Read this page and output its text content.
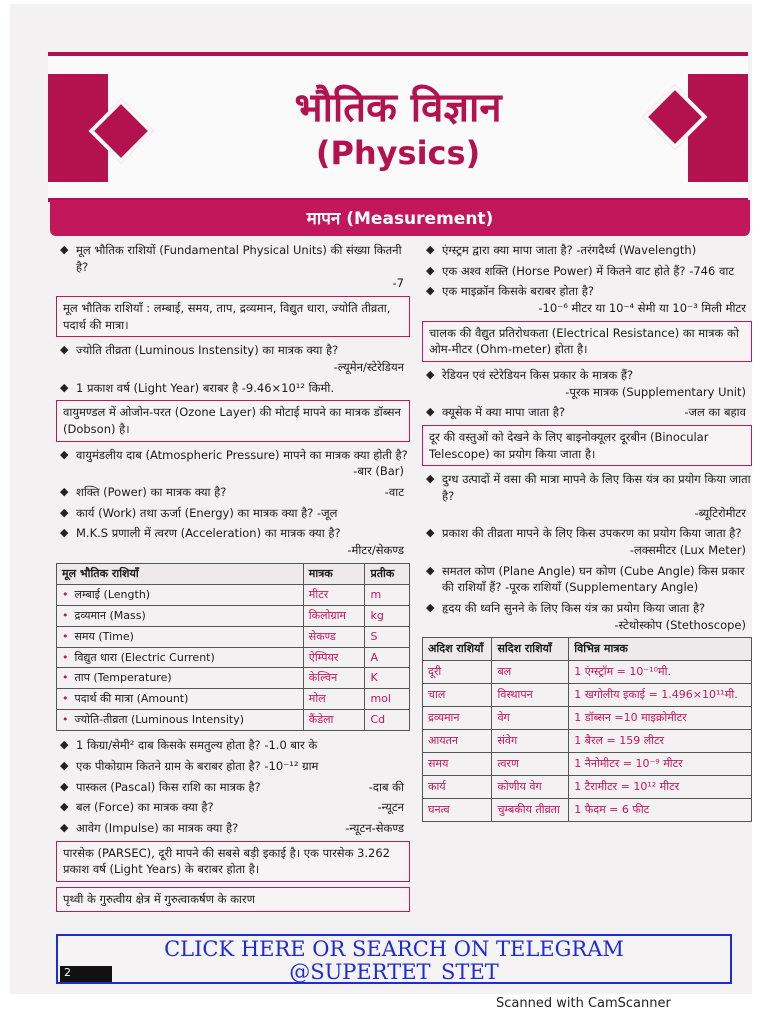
भौतिक विज्ञान
(Physics)
मापन (Measurement)
◆ मूल भौतिक राशियों (Fundamental Physical Units) की संख्या कितनी है?
-7
मूल भौतिक राशियाँ : लम्बाई, समय, ताप, द्रव्यमान, विद्युत धारा, ज्योति तीव्रता, पदार्थ की मात्रा।
◆ ज्योति तीव्रता (Luminous Instensity) का मात्रक क्या है?
-ल्यूमेन/स्टेरेडियन
◆ 1 प्रकाश वर्ष (Light Year) बराबर है -9.46×10¹² किमी.
वायुमण्डल में ओजोन-परत (Ozone Layer) की मोटाई मापने का मात्रक डॉब्सन (Dobson) है।
◆ वायुमंडलीय दाब (Atmospheric Pressure) मापने का मात्रक क्या होती है?
-बार (Bar)
◆ शक्ति (Power) का मात्रक क्या है?	-वाट
◆ कार्य (Work) तथा ऊर्जा (Energy) का मात्रक क्या है? -जूल
◆ M.K.S प्रणाली में त्वरण (Acceleration) का मात्रक क्या है?
-मीटर/सेकण्ड
मूल भौतिक राशियाँ	मात्रक	प्रतीक
• लम्बाई (Length)	मीटर	m
• द्रव्यमान (Mass)	किलोग्राम	kg
• समय (Time)	सेकण्ड	S
• विद्युत धारा (Electric Current)	ऐम्पियर	A
• ताप (Temperature)	केल्विन	K
• पदार्थ की मात्रा (Amount)	मोल	mol
• ज्योति-तीव्रता (Luminous Intensity)	कैंडेला	Cd
◆ 1 किग्रा/सेमी² दाब किसके समतुल्य होता है? -1.0 बार के
◆ एक पीकोग्राम कितने ग्राम के बराबर होता है? -10⁻¹² ग्राम
◆ पास्कल (Pascal) किस राशि का मात्रक है?	-दाब की
◆ बल (Force) का मात्रक क्या है?	-न्यूटन
◆ आवेग (Impulse) का मात्रक क्या है?	-न्यूटन-सेकण्ड
पारसेक (PARSEC), दूरी मापने की सबसे बड़ी इकाई है। एक पारसेक 3.262 प्रकाश वर्ष (Light Years) के बराबर होता है।
पृथ्वी के गुरुत्वीय क्षेत्र में गुरुत्वाकर्षण के कारण
◆ एंग्स्ट्रम द्वारा क्या मापा जाता है? -तरंगदैर्ध्य (Wavelength)
◆ एक अश्व शक्ति (Horse Power) में कितने वाट होते हैं? -746 वाट
◆ एक माइक्रॉन किसके बराबर होता है?
-10⁻⁶ मीटर या 10⁻⁴ सेमी या 10⁻³ मिली मीटर
चालक की वैद्युत प्रतिरोधकता (Electrical Resistance) का मात्रक को ओम-मीटर (Ohm-meter) होता है।
◆ रेडियन एवं स्टेरेडियन किस प्रकार के मात्रक हैं?
-पूरक मात्रक (Supplementary Unit)
◆ क्यूसेक में क्या मापा जाता है?	-जल का बहाव
दूर की वस्तुओं को देखने के लिए बाइनोक्यूलर दूरबीन (Binocular Telescope) का प्रयोग किया जाता है।
◆ दुग्ध उत्पादों में वसा की मात्रा मापने के लिए किस यंत्र का प्रयोग किया जाता है?
-ब्यूटिरोमीटर
◆ प्रकाश की तीव्रता मापने के लिए किस उपकरण का प्रयोग किया जाता है?
-लक्समीटर (Lux Meter)
◆ समतल कोण (Plane Angle) घन कोण (Cube Angle) किस प्रकार की राशियाँ हैं? -पूरक राशियाँ (Supplementary Angle)
◆ हृदय की ध्वनि सुनने के लिए किस यंत्र का प्रयोग किया जाता है?
-स्टेथोस्कोप (Stethoscope)
अदिश राशियाँ	सदिश राशियाँ	विभिन्न मात्रक
दूरी	बल	1 एंग्स्ट्रॉम = 10⁻¹⁰मी.
चाल	विस्थापन	1 खगोलीय इकाई = 1.496×10¹¹मी.
द्रव्यमान	वेग	1 डॉब्सन =10 माइक्रोमीटर
आयतन	संवेग	1 बैरल = 159 लीटर
समय	त्वरण	1 नैनोमीटर = 10⁻⁹ मीटर
कार्य	कोणीय वेग	1 टैरामीटर = 10¹² मीटर
घनत्व	चुम्बकीय तीव्रता	1 फैदम = 6 फीट
CLICK HERE OR SEARCH ON TELEGRAM
@SUPERTET_STET
2
Scanned with CamScanner
